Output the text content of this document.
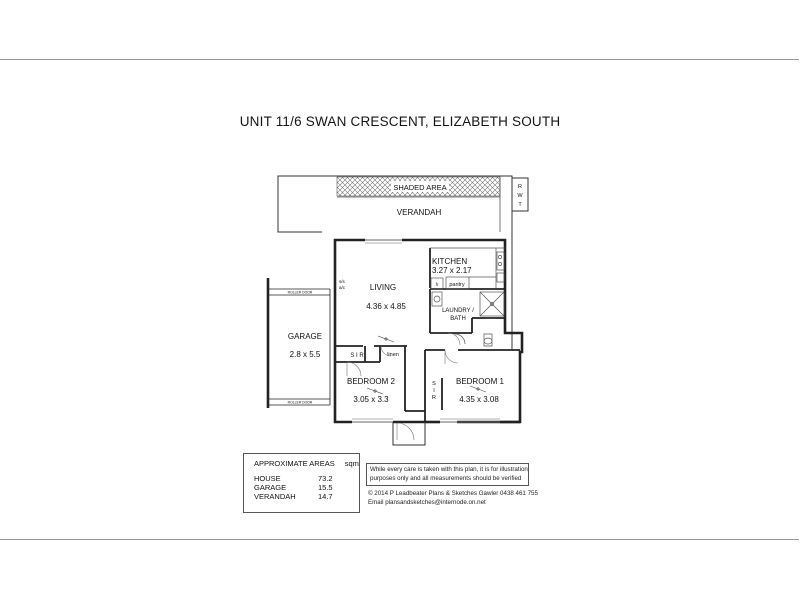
UNIT 11/6 SWAN CRESCENT, ELIZABETH SOUTH
SHADED AREA
VERANDAH
R
W
T
KITCHEN
3.27 x 2.17
fr pantry
LAUNDRY /
BATH
LIVING
4.36 x 4.85
s/s
a/c
ROLLER DOOR
ROLLER DOOR
GARAGE
2.8 x 5.5	S I R	linen
BEDROOM 2
3.05 x 3.3
BEDROOM 1
4.35 x 3.08
S
I
R
APPROXIMATE AREAS sqm
HOUSE	73.2
GARAGE	15.5
VERANDAH	14.7
While every care is taken with this plan, it is for illustration
purposes only and all measurements should be verified
© 2014 P Leadbeater Plans & Sketches Gawler 0438 461 755
Email plansandsketches@internode.on.net
